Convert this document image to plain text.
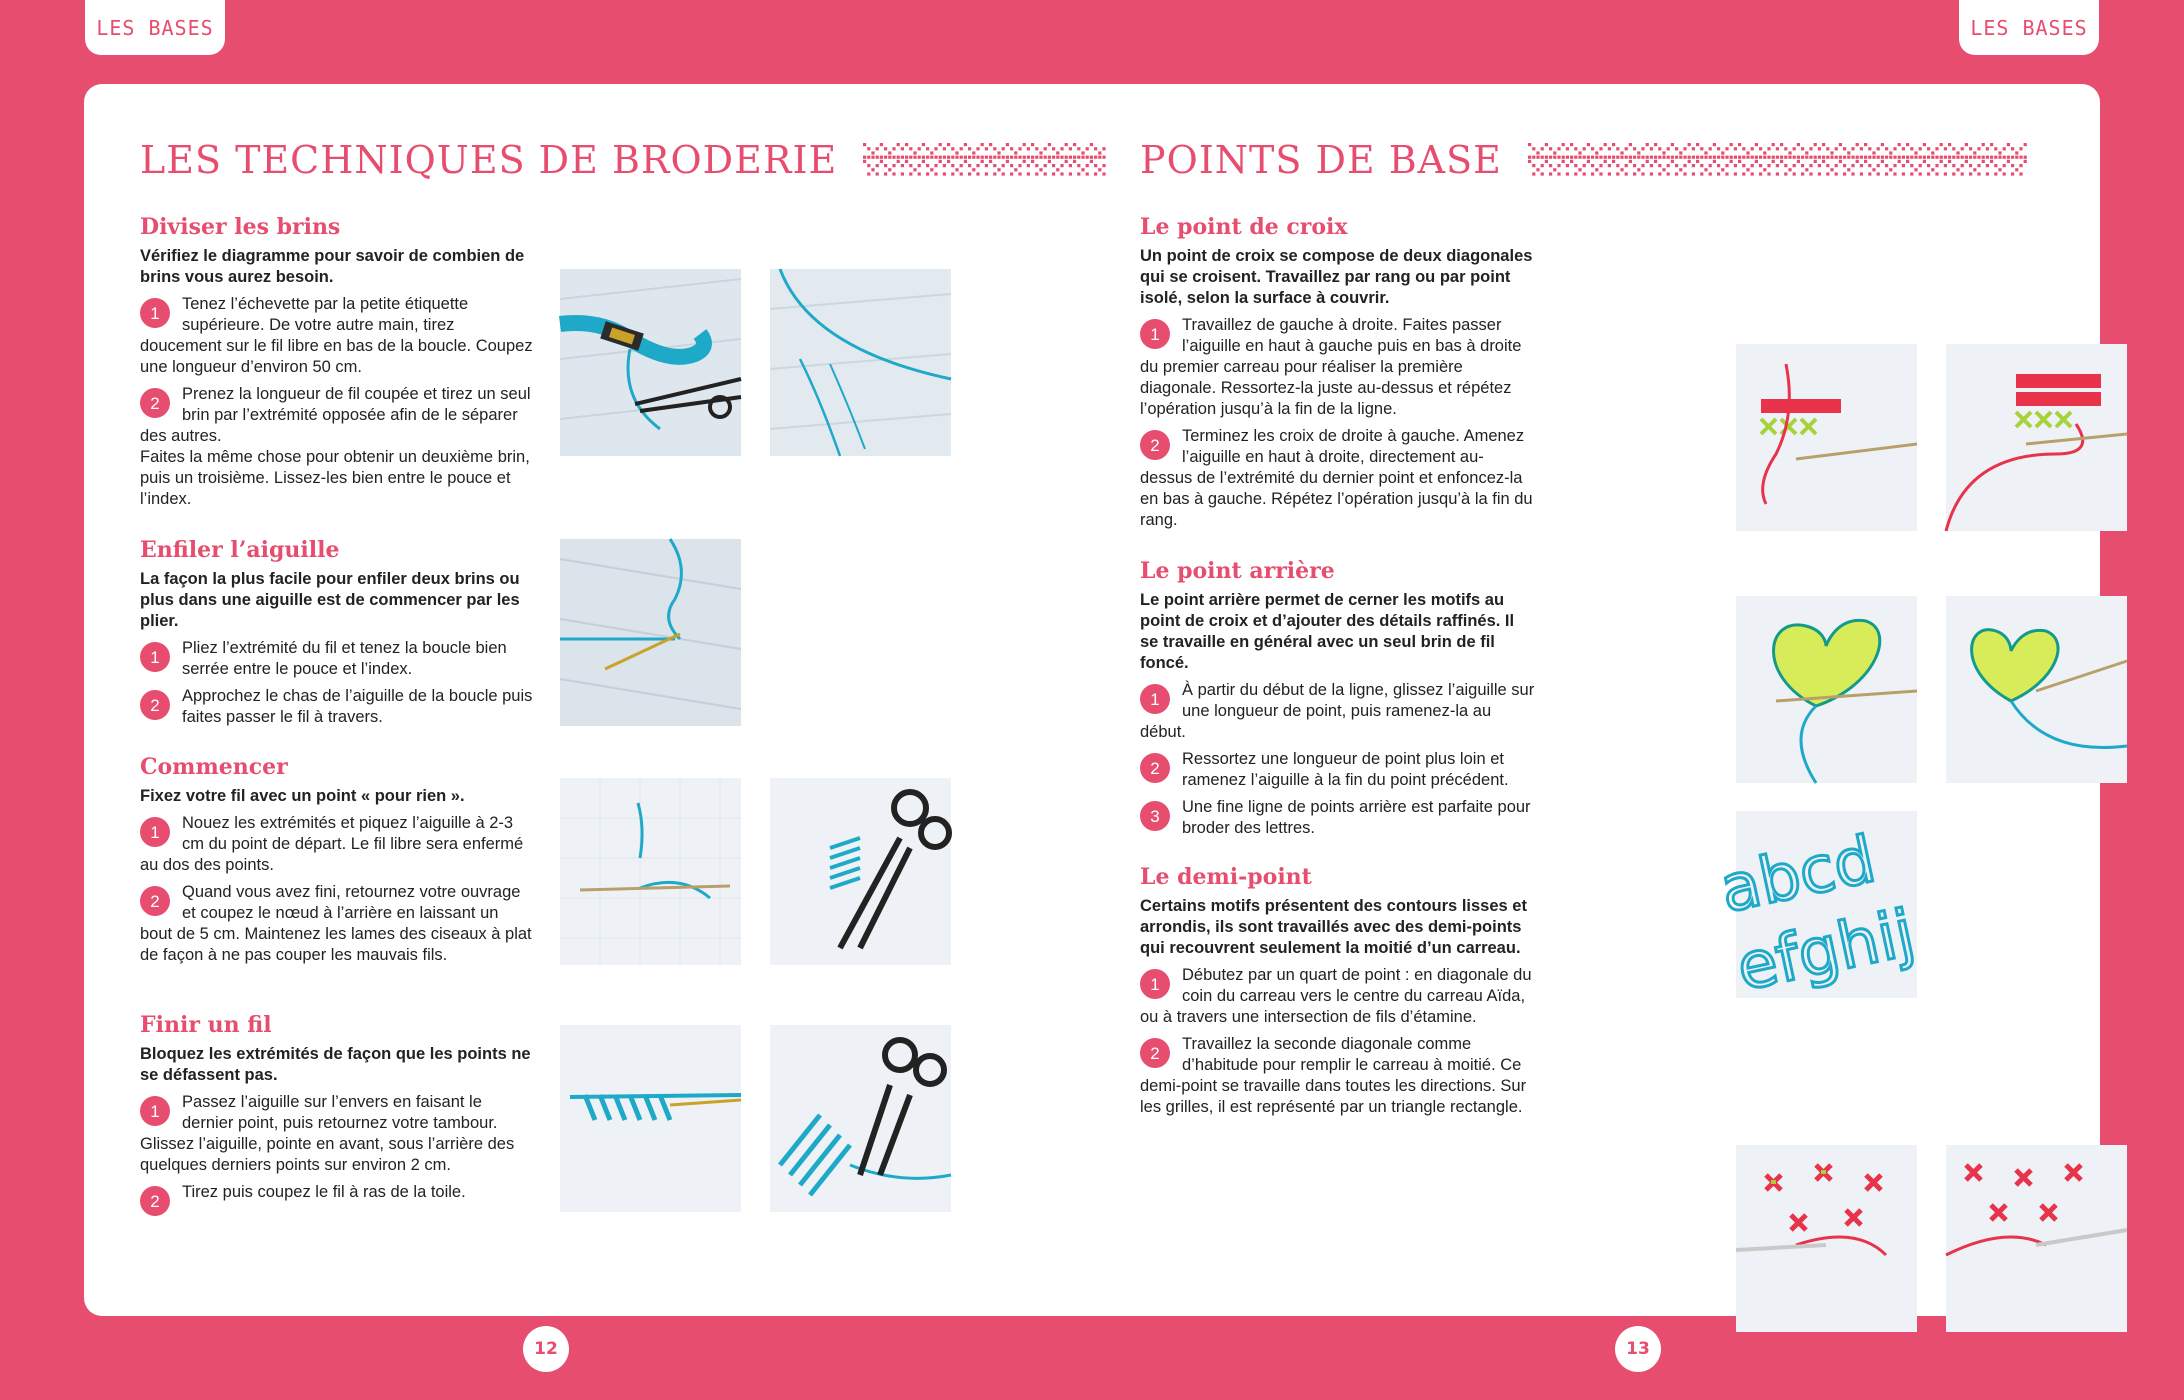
LES BASES	LES BASES
LES TECHNIQUES DE BRODERIE
Diviser les brins

Vérifiez le diagramme pour savoir de combien de brins vous aurez besoin.

1	Tenez l’échevette par la petite étiquette supérieure. De votre autre main, tirez doucement sur le fil libre en bas de la boucle. Coupez une longueur d’environ 50 cm.
2	Prenez la longueur de fil coupée et tirez un seul brin par l’extrémité opposée afin de le séparer des autres.

Faites la même chose pour obtenir un deuxième brin, puis un troisième. Lissez-les bien entre le pouce et l’index.

Enfiler l’aiguille

La façon la plus facile pour enfiler deux brins ou plus dans une aiguille est de commencer par les plier.

1	Pliez l’extrémité du fil et tenez la boucle bien serrée entre le pouce et l’index.
2	Approchez le chas de l’aiguille de la boucle puis faites passer le fil à travers.
Commencer

Fixez votre fil avec un point « pour rien ».

1	Nouez les extrémités et piquez l’aiguille à 2-3 cm du point de départ. Le fil libre sera enfermé au dos des points.
2	Quand vous avez fini, retournez votre ouvrage et coupez le nœud à l’arrière en laissant un bout de 5 cm. Maintenez les lames des ciseaux à plat de façon à ne pas couper les mauvais fils.
Finir un fil

Bloquez les extrémités de façon que les points ne se défassent pas.

1	Passez l’aiguille sur l’envers en faisant le dernier point, puis retournez votre tambour. Glissez l’aiguille, pointe en avant, sous l’arrière des quelques derniers points sur environ 2 cm.
2	Tirez puis coupez le fil à ras de la toile.
POINTS DE BASE
Le point de croix

Un point de croix se compose de deux diagonales qui se croisent. Travaillez par rang ou par point isolé, selon la surface à couvrir.

1	Travaillez de gauche à droite. Faites passer l’aiguille en haut à gauche puis en bas à droite du premier carreau pour réaliser la première diagonale. Ressortez-la juste au-dessus et répétez l’opération jusqu’à la fin de la ligne.
2	Terminez les croix de droite à gauche. Amenez l’aiguille en haut à droite, directement au-dessus de l’extrémité du dernier point et enfoncez-la en bas à gauche. Répétez l’opération jusqu’à la fin du rang.
Le point arrière

Le point arrière permet de cerner les motifs au point de croix et d’ajouter des détails raffinés. Il se travaille en général avec un seul brin de fil foncé.

1	À partir du début de la ligne, glissez l’aiguille sur une longueur de point, puis ramenez-la au début.
2	Ressortez une longueur de point plus loin et ramenez l’aiguille à la fin du point précédent.
3	Une fine ligne de points arrière est parfaite pour broder des lettres.
Le demi-point

Certains motifs présentent des contours lisses et arrondis, ils sont travaillés avec des demi-points qui recouvrent seulement la moitié d’un carreau.

1	Débutez par un quart de point : en diagonale du coin du carreau vers le centre du carreau Aïda, ou à travers une intersection de fils d’étamine.
2	Travaillez la seconde diagonale comme d’habitude pour remplir le carreau à moitié. Ce demi-point se travaille dans toutes les directions. Sur les grilles, il est représenté par un triangle rectangle.
abcd
efghij
12	13
